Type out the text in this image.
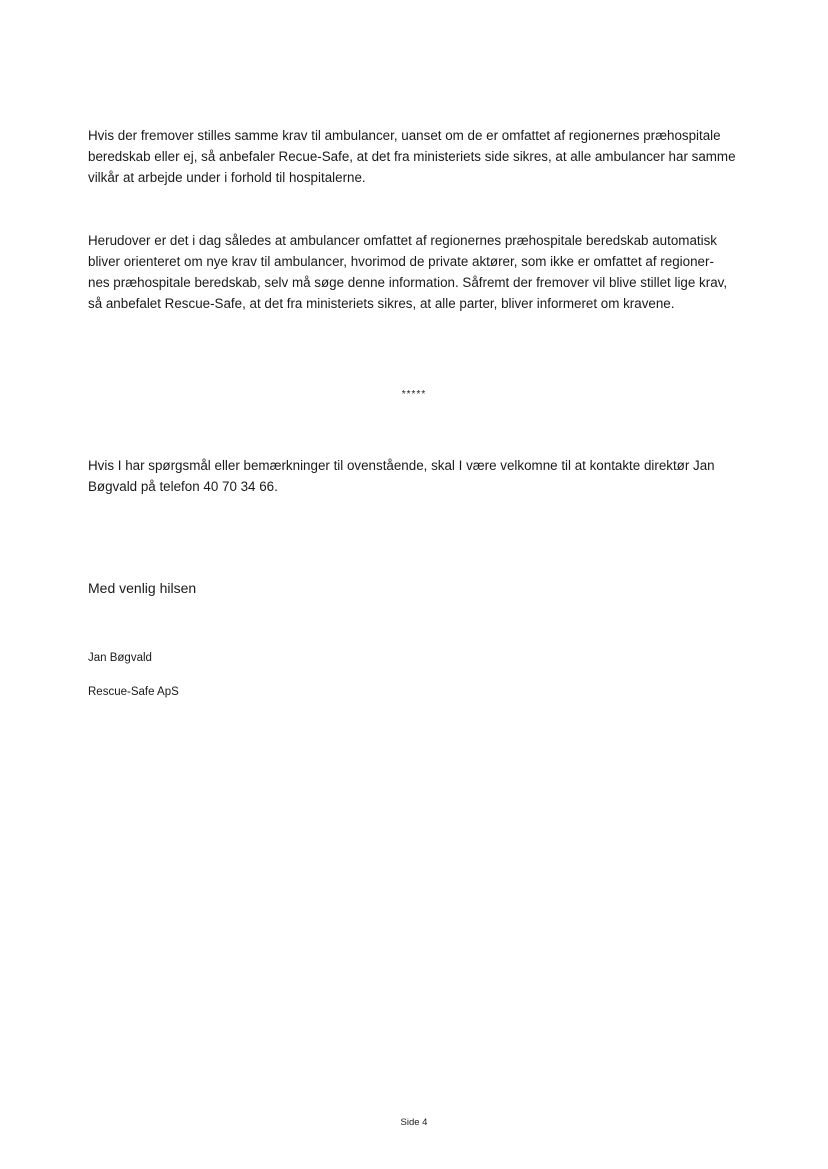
Hvis der fremover stilles samme krav til ambulancer, uanset om de er omfattet af regionernes præhospitale
beredskab eller ej, så anbefaler Recue-Safe, at det fra ministeriets side sikres, at alle ambulancer har samme
vilkår at arbejde under i forhold til hospitalerne.

Herudover er det i dag således at ambulancer omfattet af regionernes præhospitale beredskab automatisk
bliver orienteret om nye krav til ambulancer, hvorimod de private aktører, som ikke er omfattet af regioner-
nes præhospitale beredskab, selv må søge denne information. Såfremt der fremover vil blive stillet lige krav,
så anbefalet Rescue-Safe, at det fra ministeriets sikres, at alle parter, bliver informeret om kravene.

*****

Hvis I har spørgsmål eller bemærkninger til ovenstående, skal I være velkomne til at kontakte direktør Jan
Bøgvald på telefon 40 70 34 66.

Med venlig hilsen

Jan Bøgvald

Rescue-Safe ApS

Side 4
